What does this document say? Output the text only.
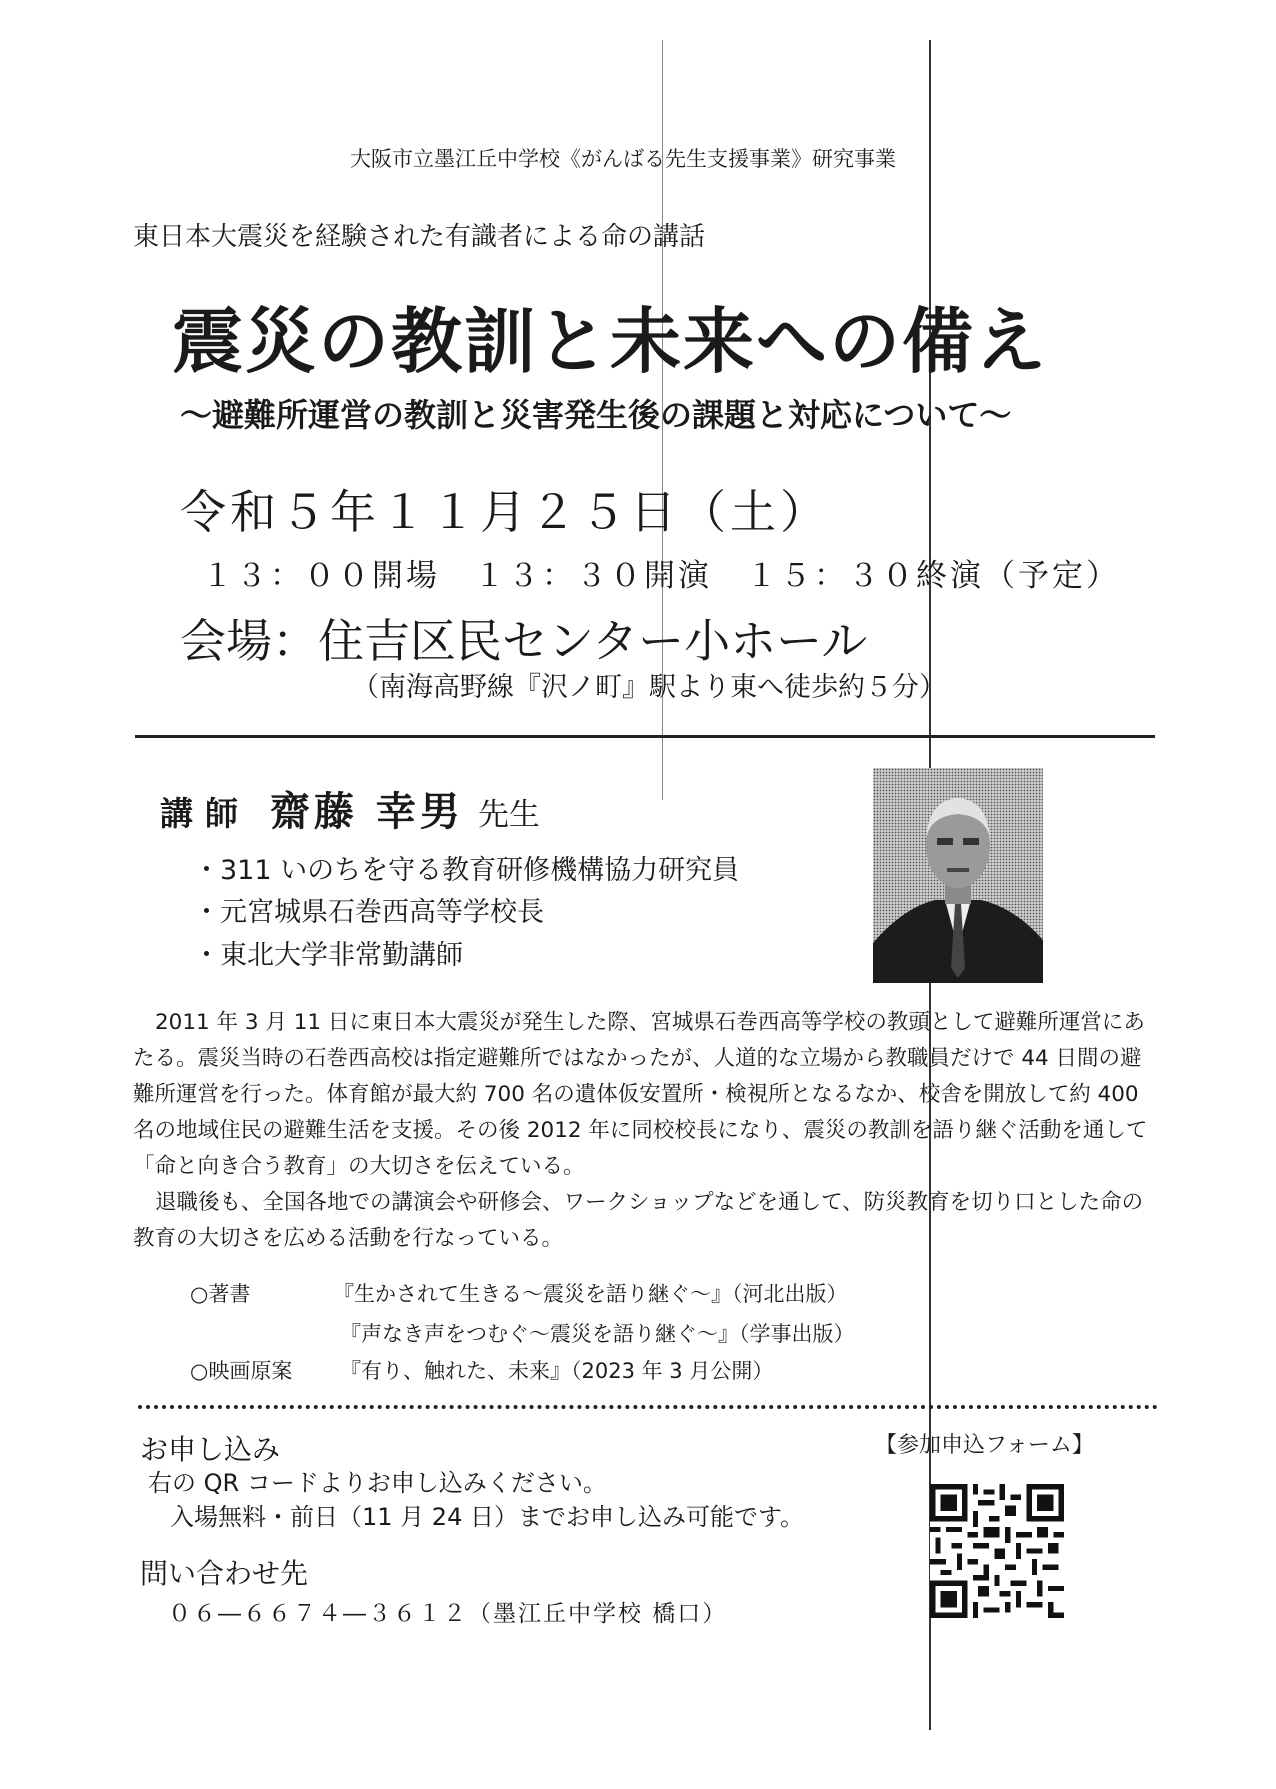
大阪市立墨江丘中学校《がんばる先生支援事業》研究事業
東日本大震災を経験された有識者による命の講話
震災の教訓と未来への備え
～避難所運営の教訓と災害発生後の課題と対応について～
令和５年１１月２５日（土）
１３：００開場　１３：３０開演　１５：３０終演（予定）
会場：住吉区民センター小ホール
（南海高野線『沢ノ町』駅より東へ徒歩約５分）
講師 齋藤 幸男 先生
・311 いのちを守る教育研修機構協力研究員
・元宮城県石巻西高等学校長
・東北大学非常勤講師

2011 年 3 月 11 日に東日本大震災が発生した際、宮城県石巻西高等学校の教頭として避難所運営にあたる。震災当時の石巻西高校は指定避難所ではなかったが、人道的な立場から教職員だけで 44 日間の避難所運営を行った。体育館が最大約 700 名の遺体仮安置所・検視所となるなか、校舎を開放して約 400 名の地域住民の避難生活を支援。その後 2012 年に同校校長になり、震災の教訓を語り継ぐ活動を通して「命と向き合う教育」の大切さを伝えている。

退職後も、全国各地での講演会や研修会、ワークショップなどを通して、防災教育を切り口とした命の教育の大切さを広める活動を行なっている。

○著書	『生かされて生きる～震災を語り継ぐ～』（河北出版）
『声なき声をつむぐ～震災を語り継ぐ～』（学事出版）
○映画原案 『有り、触れた、未来』（2023 年 3 月公開）
お申し込み	【参加申込フォーム】
右の QR コードよりお申し込みください。
入場無料・前日（11 月 24 日）までお申し込み可能です。
問い合わせ先
０６―６６７４―３６１２（墨江丘中学校 橋口）
